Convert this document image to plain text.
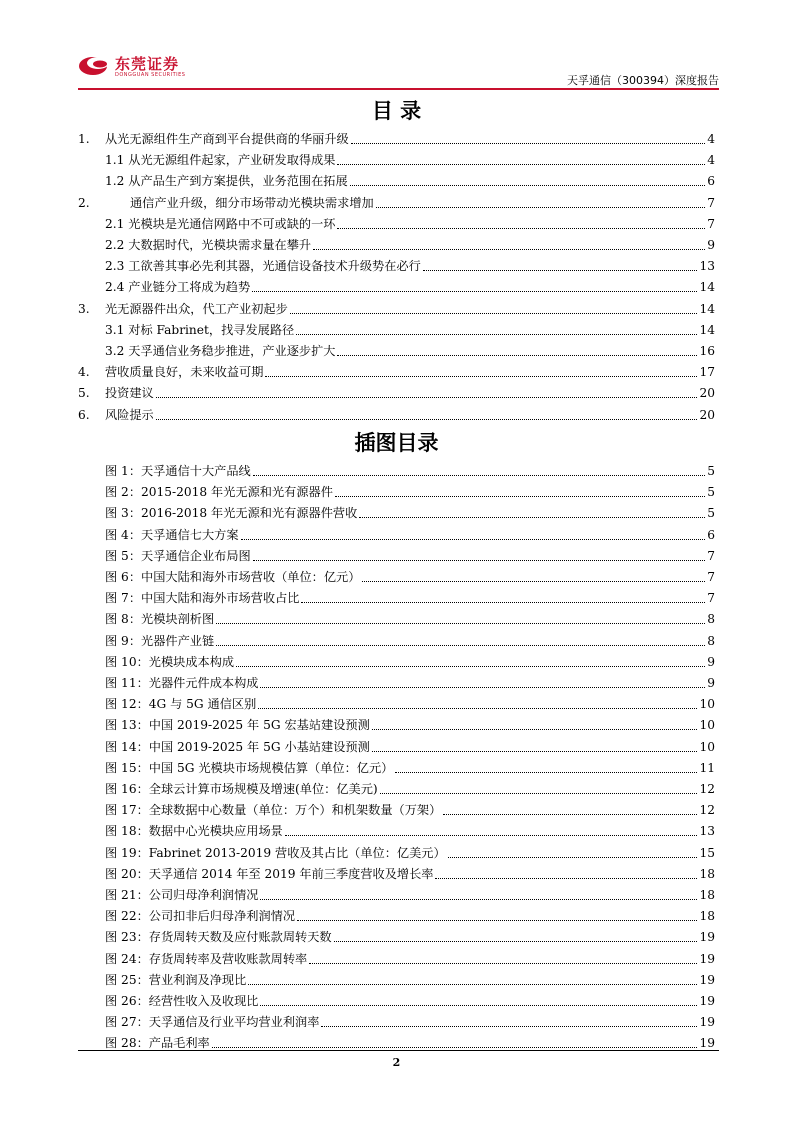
东莞证券
DONGGUAN SECURITIES	天孚通信（300394）深度报告
目 录
1.	从光无源组件生产商到平台提供商的华丽升级	4
1.1 从光无源组件起家，产业研发取得成果	4
1.2 从产品生产到方案提供，业务范围在拓展	6
2.	通信产业升级，细分市场带动光模块需求增加	7
2.1 光模块是光通信网路中不可或缺的一环	7
2.2 大数据时代，光模块需求量在攀升	9
2.3 工欲善其事必先利其器，光通信设备技术升级势在必行	13
2.4 产业链分工将成为趋势	14
3.	光无源器件出众，代工产业初起步	14
3.1 对标 Fabrinet，找寻发展路径	14
3.2 天孚通信业务稳步推进，产业逐步扩大	16
4.	营收质量良好，未来收益可期	17
5.	投资建议	20
6.	风险提示	20
插图目录
图 1：天孚通信十大产品线	5
图 2：2015-2018 年光无源和光有源器件	5
图 3：2016-2018 年光无源和光有源器件营收	5
图 4：天孚通信七大方案	6
图 5：天孚通信企业布局图	7
图 6：中国大陆和海外市场营收（单位：亿元）	7
图 7：中国大陆和海外市场营收占比	7
图 8：光模块剖析图	8
图 9：光器件产业链	8
图 10：光模块成本构成	9
图 11：光器件元件成本构成	9
图 12：4G 与 5G 通信区别	10
图 13：中国 2019-2025 年 5G 宏基站建设预测	10
图 14：中国 2019-2025 年 5G 小基站建设预测	10
图 15：中国 5G 光模块市场规模估算（单位：亿元）	11
图 16：全球云计算市场规模及增速(单位：亿美元)	12
图 17：全球数据中心数量（单位：万个）和机架数量（万架）	12
图 18：数据中心光模块应用场景	13
图 19：Fabrinet 2013-2019 营收及其占比（单位：亿美元）	15
图 20：天孚通信 2014 年至 2019 年前三季度营收及增长率	18
图 21：公司归母净利润情况	18
图 22：公司扣非后归母净利润情况	18
图 23：存货周转天数及应付账款周转天数	19
图 24：存货周转率及营收账款周转率	19
图 25：营业利润及净现比	19
图 26：经营性收入及收现比	19
图 27：天孚通信及行业平均营业利润率	19
图 28：产品毛利率	19
2
